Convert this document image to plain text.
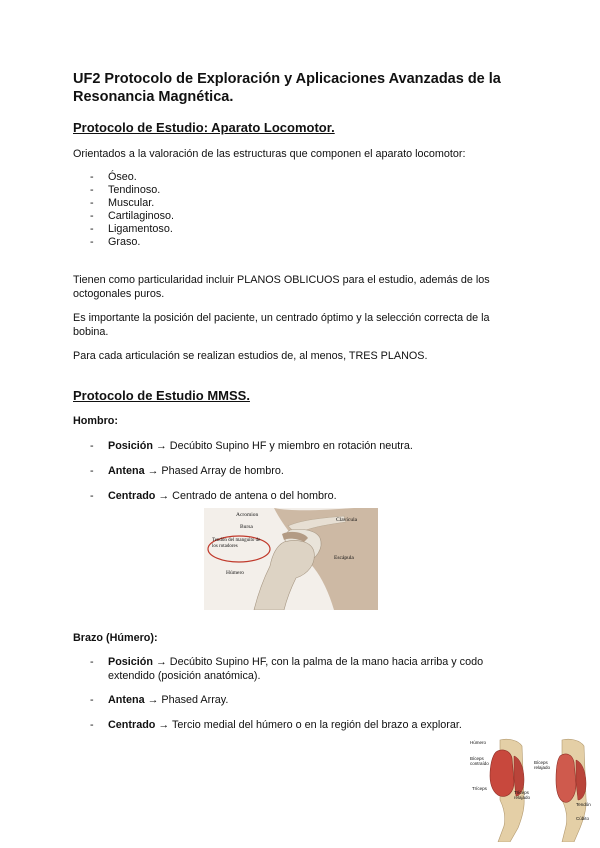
UF2 Protocolo de Exploración y Aplicaciones Avanzadas de la Resonancia Magnética.
Protocolo de Estudio: Aparato Locomotor.

Orientados a la valoración de las estructuras que componen el aparato locomotor:

- Óseo.
- Tendinoso.
- Muscular.
- Cartilaginoso.
- Ligamentoso.
- Graso.

Tienen como particularidad incluir PLANOS OBLICUOS para el estudio, además de los octogonales puros.

Es importante la posición del paciente, un centrado óptimo y la selección correcta de la bobina.

Para cada articulación se realizan estudios de, al menos, TRES PLANOS.

Protocolo de Estudio MMSS.

Hombro:

- Posición → Decúbito Supino HF y miembro en rotación neutra.

- Antena → Phased Array de hombro.

- Centrado → Centrado de antena o del hombro.

Acromion
Bursa
Clavícula
Tendón del manguito de los rotadores
Escápula
Húmero

Brazo (Húmero):

- Posición → Decúbito Supino HF, con la palma de la mano hacia arriba y codo extendido (posición anatómica).

- Antena → Phased Array.

- Centrado → Tercio medial del húmero o en la región del brazo a explorar.

Húmero
Bíceps contraído
Tríceps
Tríceps relajado
Bíceps relajado
Tendón
Cúbito
